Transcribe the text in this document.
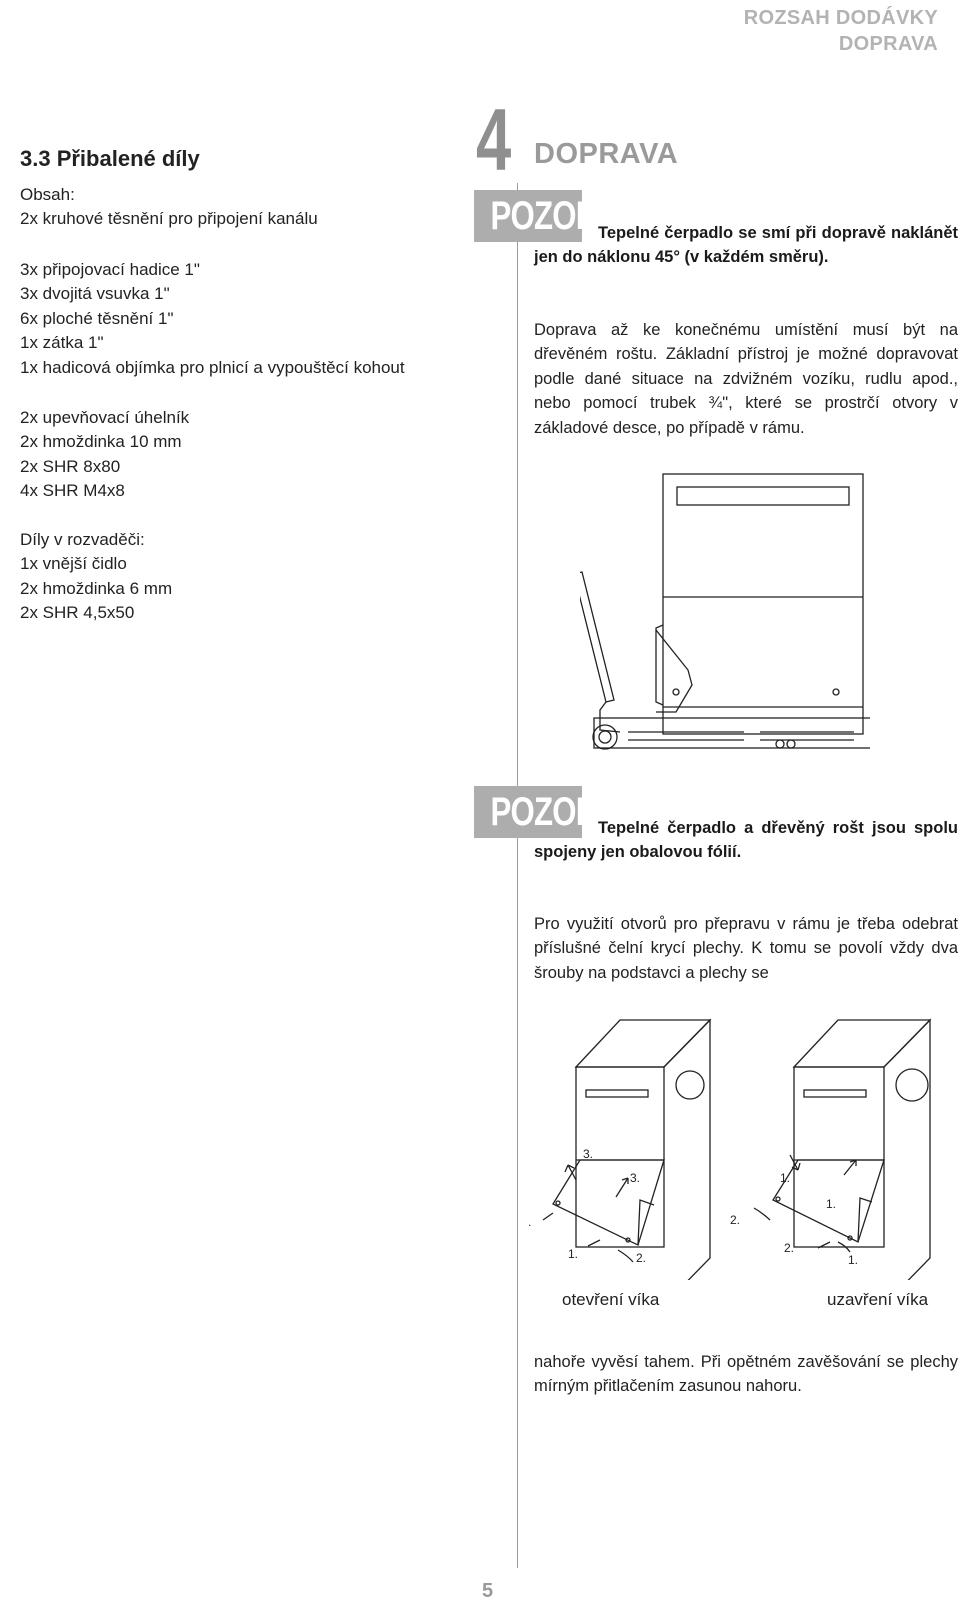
ROZSAH DODÁVKY
DOPRAVA
3.3 Přibalené díly
Obsah:
2x kruhové těsnění pro připojení kanálu
3x připojovací hadice 1"
3x dvojitá vsuvka 1"
6x ploché těsnění 1"
1x zátka 1"
1x hadicová objímka pro plnicí a vypouštěcí kohout
2x upevňovací úhelník
2x hmoždinka 10 mm
2x SHR 8x80
4x SHR M4x8
Díly v rozvaděči:
1x vnější čidlo
2x hmoždinka 6 mm
2x SHR 4,5x50
4 DOPRAVA
POZOR!
Tepelné čerpadlo se smí při dopravě naklánět jen do náklonu 45° (v každém směru).
Doprava až ke konečnému umístění musí být na dřevěném roštu. Základní přístroj je možné dopravovat podle dané situace na zdvižném vozíku, rudlu apod., nebo pomocí trubek ¾", které se prostrčí otvory v základové desce, po případě v rámu.
POZOR!
Tepelné čerpadlo a dřevěný rošt jsou spolu spojeny jen obalovou fólií.
Pro využití otvorů pro přepravu v rámu je třeba odebrat příslušné čelní krycí plechy. K tomu se povolí vždy dva šrouby na podstavci a plechy se
3.
3.
.
1.	2.
1.
1.
2.
2.
1.
otevření víka	uzavření víka
nahoře vyvěsí tahem. Při opětném zavěšování se plechy mírným přitlačením zasunou nahoru.
5
